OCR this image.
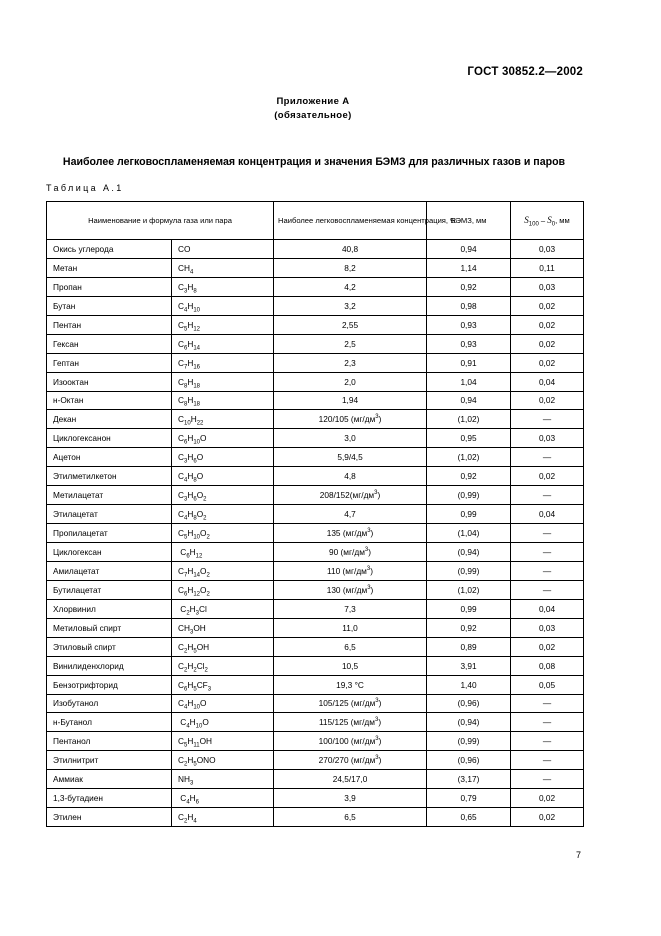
ГОСТ 30852.2—2002
Приложение А
(обязательное)
Наиболее легковоспламеняемая концентрация и значения БЭМЗ для различных газов и паров
Таблица А.1
Наименование и формула газа или пара		Наиболее легковоспламеняемая концентрация, %	БЭМЗ, мм	$S_{100} - S_0$, мм
Окись углерода	CO	40,8	0,94	0,03
Метан	$CH_4$	8,2	1,14	0,11
Пропан	$C_3H_8$	4,2	0,92	0,03
Бутан	$C_4H_{10}$	3,2	0,98	0,02
Пентан	$C_5H_{12}$	2,55	0,93	0,02
Гексан	$C_6H_{14}$	2,5	0,93	0,02
Гептан	$C_7H_{16}$	2,3	0,91	0,02
Изооктан	$C_8H_{18}$	2,0	1,04	0,04
н-Октан	$C_8H_{18}$	1,94	0,94	0,02
Декан	$C_{10}H_{22}$	120/105 $(мг/дм^3)$	(1,02)	—
Циклогексанон	$C_6H_{10}O$	3,0	0,95	0,03
Ацетон	$C_3H_6O$	5,9/4,5	(1,02)	—
Этилметилкетон	$C_4H_8O$	4,8	0,92	0,02
Метилацетат	$C_3H_6O_2$	$208/152(мг/дм^3)$	(0,99)	—
Этилацетат	$C_4H_8O_2$	4,7	0,99	0,04
Пропилацетат	$C_5H_{10}O_2$	135 $(мг/дм^3)$	(1,04)	—
Циклогексан	$C_6H_{12}$	90 $(мг/дм^3)$	(0,94)	—
Амилацетат	$C_7H_{14}O_2$	110 $(мг/дм^3)$	(0,99)	—
Бутилацетат	$C_6H_{12}O_2$	130 $(мг/дм^3)$	(1,02)	—
Хлорвинил	$C_2H_3Cl$	7,3	0,99	0,04
Метиловый спирт	$CH_3OH$	11,0	0,92	0,03
Этиловый спирт	$C_2H_5OH$	6,5	0,89	0,02
Винилиденхлорид	$C_2H_2Cl_2$	10,5	3,91	0,08
Бензотрифторид	$C_6H_5CF_3$	19,3 °C	1,40	0,05
Изобутанол	$C_4H_{10}O$	105/125 $(мг/дм^3)$	(0,96)	—
н-Бутанол	$C_4H_{10}O$	115/125 $(мг/дм^3)$	(0,94)	—
Пентанол	$C_5H_{11}OH$	100/100 $(мг/дм^3)$	(0,99)	—
Этилнитрит	$C_2H_5ONO$	270/270 $(мг/дм^3)$	(0,96)	—
Аммиак	$NH_3$	24,5/17,0	(3,17)	—
1,3-бутадиен	$C_4H_6$	3,9	0,79	0,02
Этилен	$C_2H_4$	6,5	0,65	0,02
7
